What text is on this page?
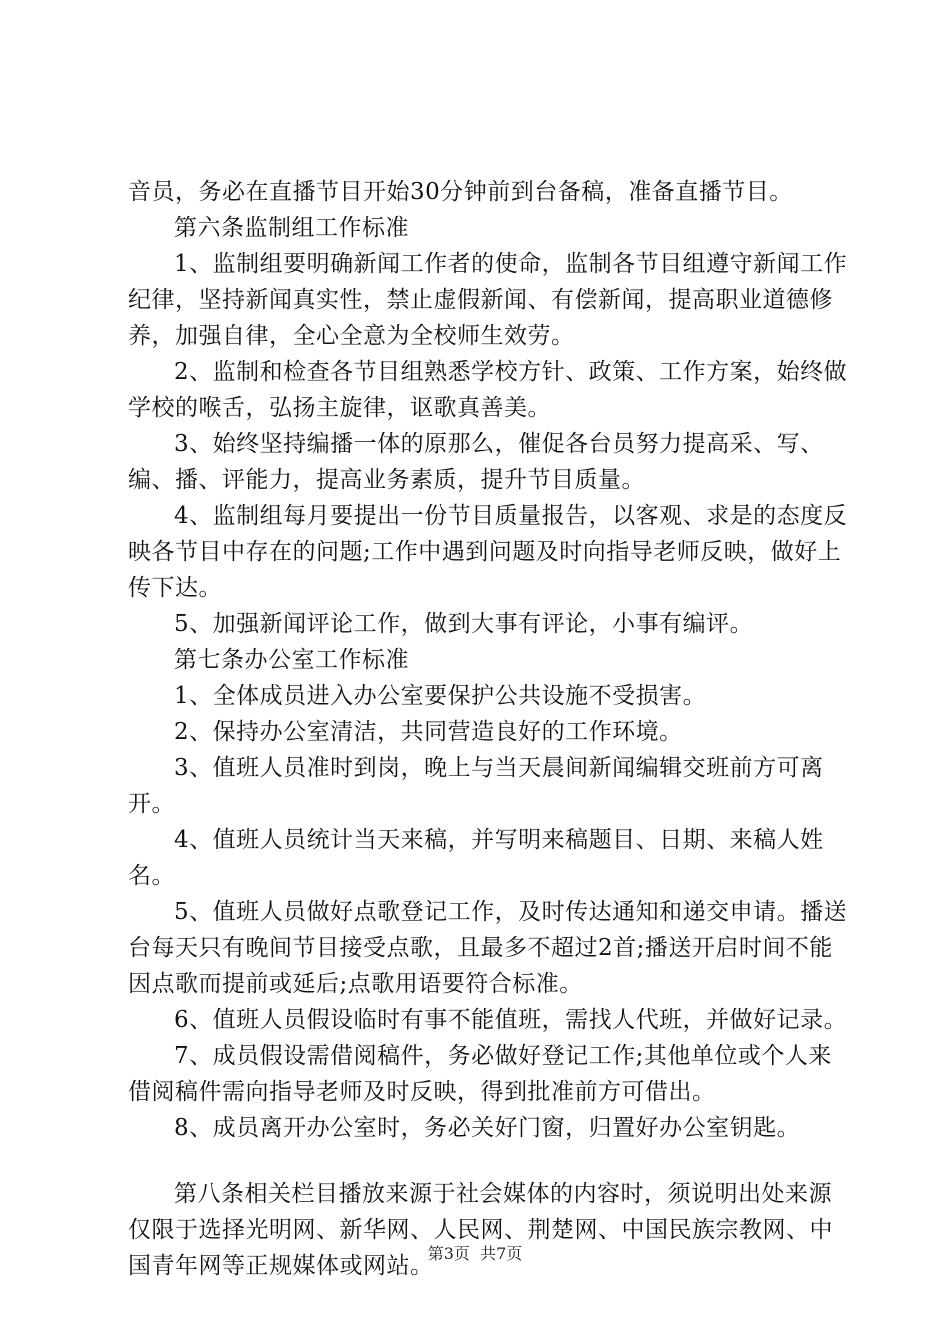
音员，务必在直播节目开始30分钟前到台备稿，准备直播节目。

第六条监制组工作标准

1、监制组要明确新闻工作者的使命，监制各节目组遵守新闻工作纪律，坚持新闻真实性，禁止虚假新闻、有偿新闻，提高职业道德修养，加强自律，全心全意为全校师生效劳。

2、监制和检查各节目组熟悉学校方针、政策、工作方案，始终做学校的喉舌，弘扬主旋律，讴歌真善美。

3、始终坚持编播一体的原那么，催促各台员努力提高采、写、编、播、评能力，提高业务素质，提升节目质量。

4、监制组每月要提出一份节目质量报告，以客观、求是的态度反映各节目中存在的问题;工作中遇到问题及时向指导老师反映，做好上传下达。

5、加强新闻评论工作，做到大事有评论，小事有编评。

第七条办公室工作标准

1、全体成员进入办公室要保护公共设施不受损害。

2、保持办公室清洁，共同营造良好的工作环境。

3、值班人员准时到岗，晚上与当天晨间新闻编辑交班前方可离开。

4、值班人员统计当天来稿，并写明来稿题目、日期、来稿人姓名。

5、值班人员做好点歌登记工作，及时传达通知和递交申请。播送台每天只有晚间节目接受点歌，且最多不超过2首;播送开启时间不能因点歌而提前或延后;点歌用语要符合标准。

6、值班人员假设临时有事不能值班，需找人代班，并做好记录。

7、成员假设需借阅稿件，务必做好登记工作;其他单位或个人来借阅稿件需向指导老师及时反映，得到批准前方可借出。

8、成员离开办公室时，务必关好门窗，归置好办公室钥匙。

第八条相关栏目播放来源于社会媒体的内容时，须说明出处来源仅限于选择光明网、新华网、人民网、荆楚网、中国民族宗教网、中国青年网等正规媒体或网站。

第3页  共7页
